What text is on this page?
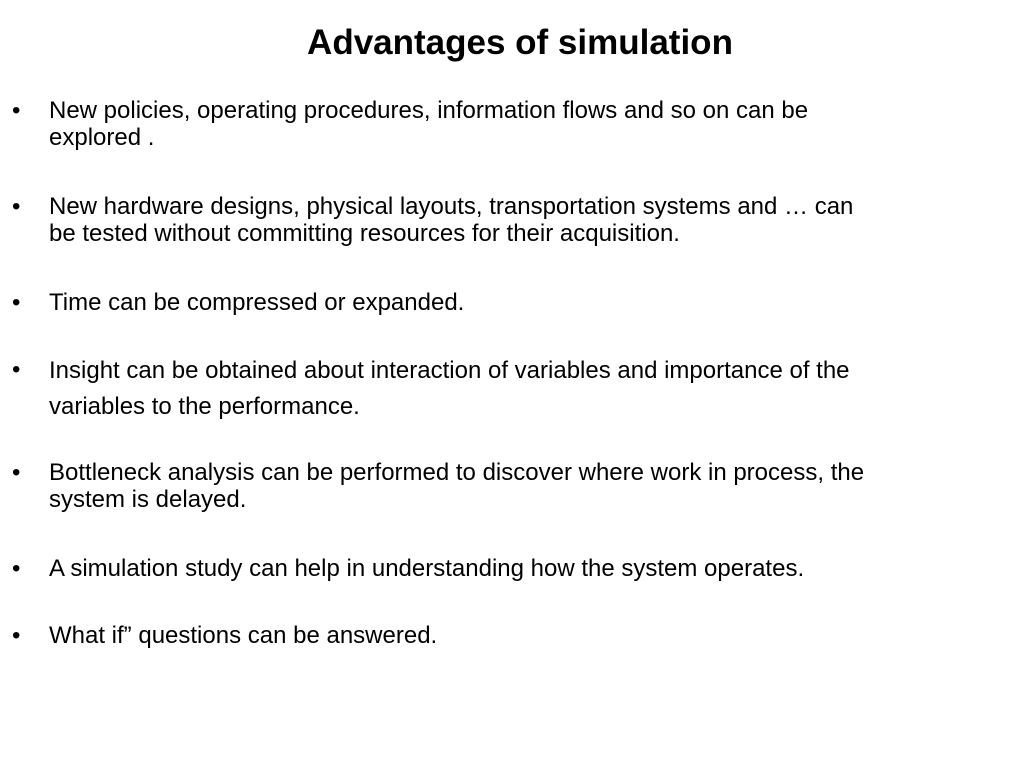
Advantages of simulation
• New policies, operating procedures, information flows and so on can be
explored .
• New hardware designs, physical layouts, transportation systems and … can
be tested without committing resources for their acquisition.
• Time can be compressed or expanded.
• Insight can be obtained about interaction of variables and importance of the
variables to the performance.
• Bottleneck analysis can be performed to discover where work in process, the
system is delayed.
• A simulation study can help in understanding how the system operates.
• What if” questions can be answered.
